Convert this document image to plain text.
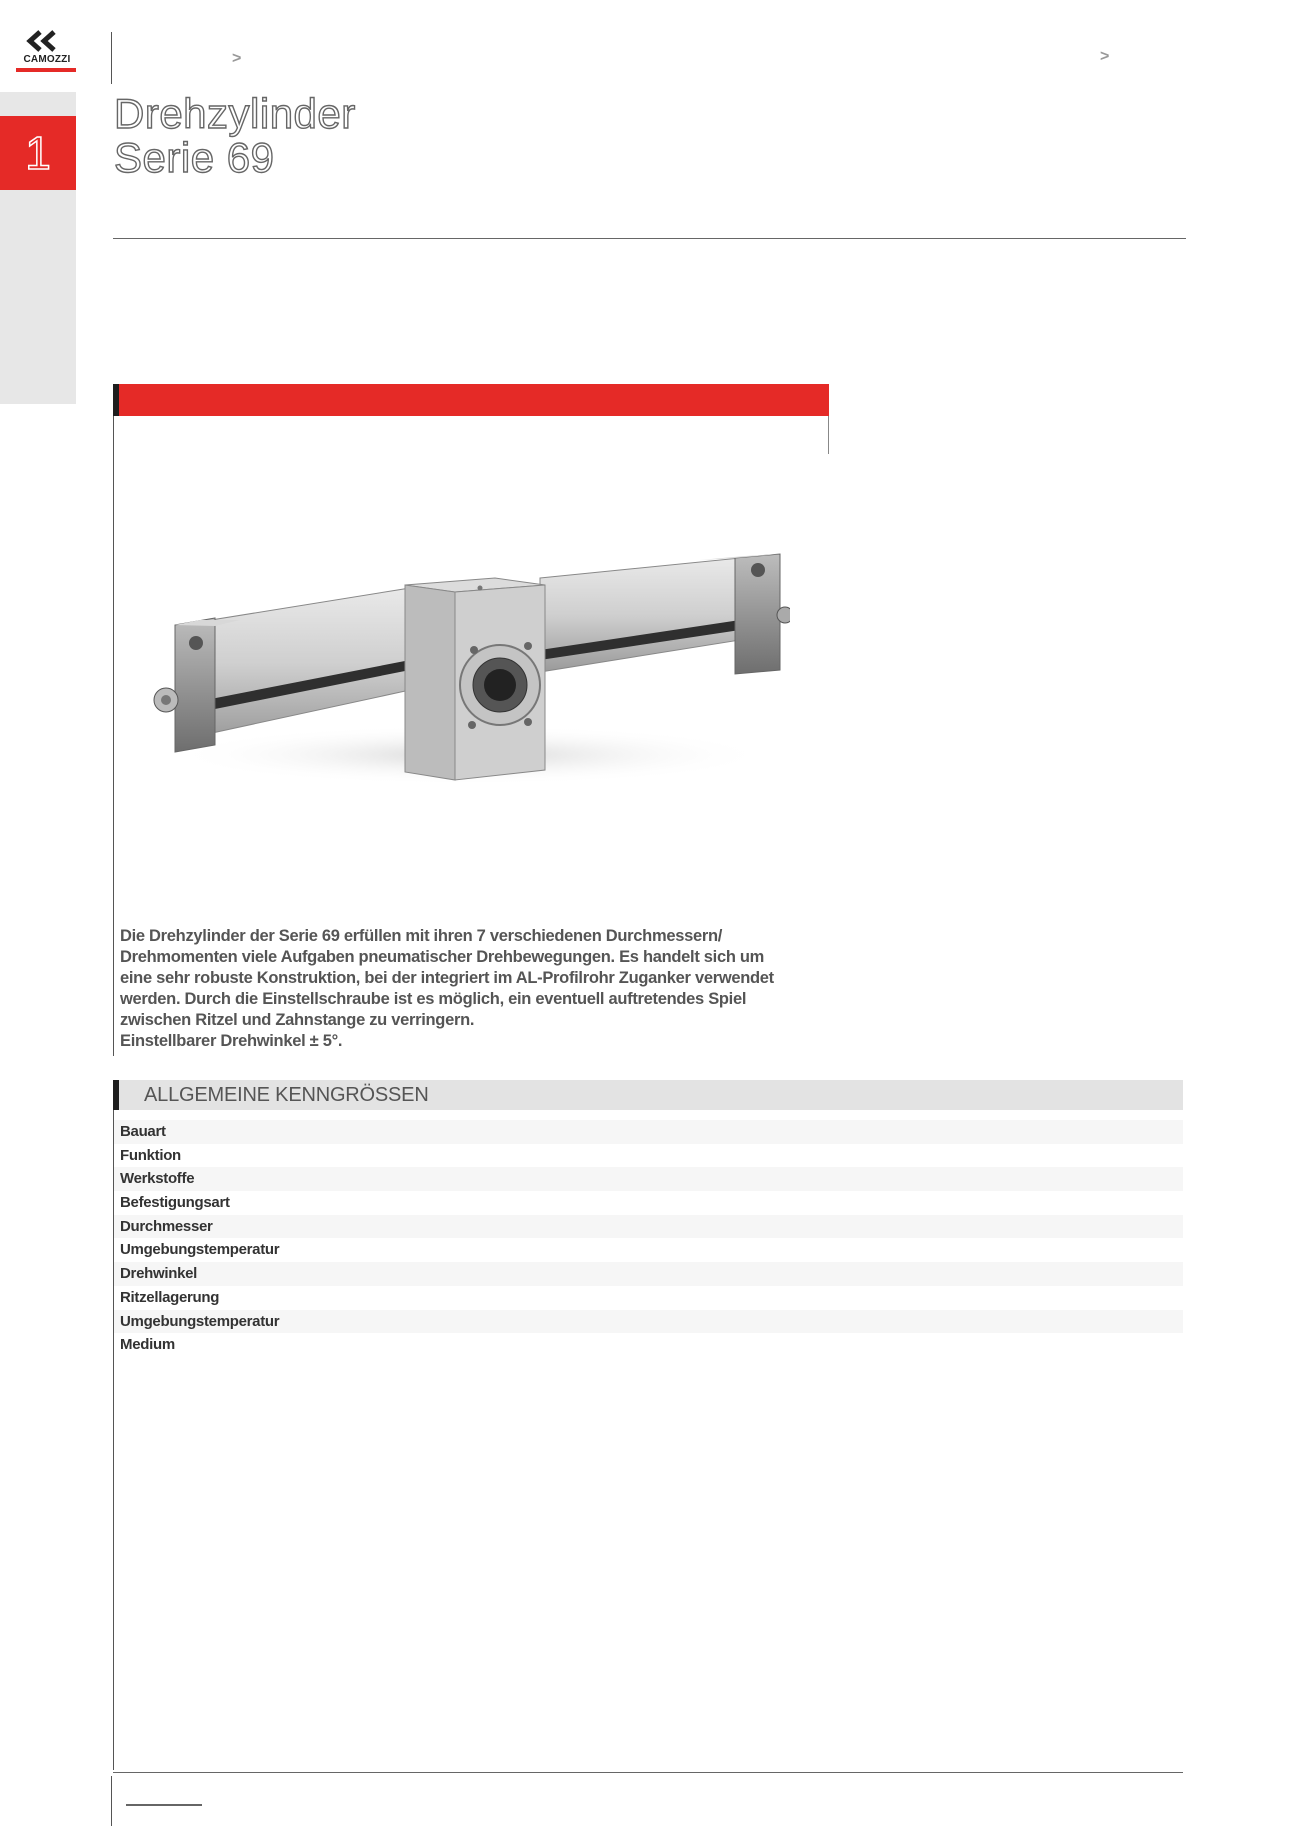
CAMOZZI	>	>
1
Drehzylinder
Serie 69

Die Drehzylinder der Serie 69 erfüllen mit ihren 7 verschiedenen Durchmessern/

Drehmomenten viele Aufgaben pneumatischer Drehbewegungen. Es handelt sich um

eine sehr robuste Konstruktion, bei der integriert im AL-Profilrohr Zuganker verwendet

werden. Durch die Einstellschraube ist es möglich, ein eventuell auftretendes Spiel

zwischen Ritzel und Zahnstange zu verringern.

Einstellbarer Drehwinkel ± 5°.

ALLGEMEINE KENNGRÖSSEN
Bauart
Funktion
Werkstoffe
Befestigungsart
Durchmesser
Umgebungstemperatur
Drehwinkel
Ritzellagerung
Umgebungstemperatur
Medium
